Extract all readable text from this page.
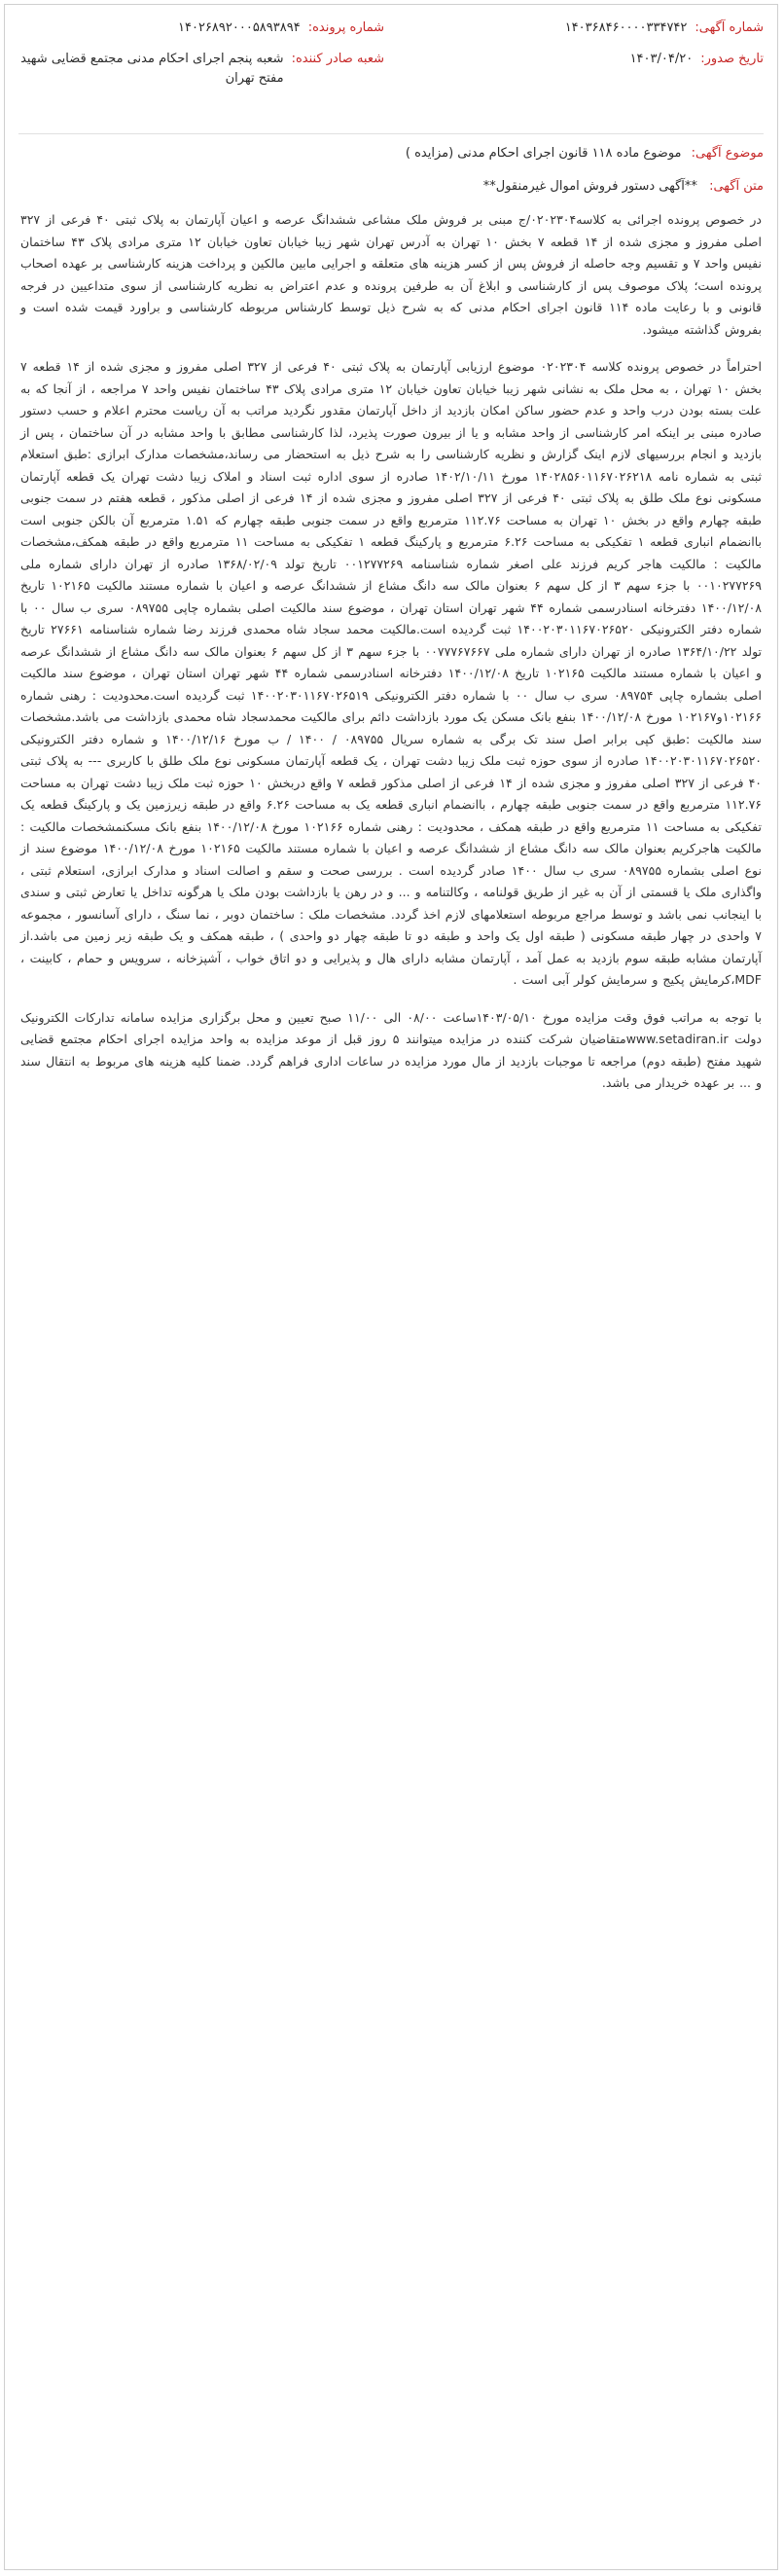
شماره آگهی:
۱۴۰۳۶۸۴۶۰۰۰۰۳۳۴۷۴۲
تاریخ صدور:
۱۴۰۳/۰۴/۲۰
شماره پرونده:
۱۴۰۲۶۸۹۲۰۰۰۵۸۹۳۸۹۴
شعبه صادر کننده:
شعبه پنجم اجرای احکام مدنی مجتمع قضایی شهید مفتح تهران
موضوع آگهی: موضوع ماده ۱۱۸ قانون اجرای احکام مدنی (مزایده )
متن آگهی: **آگهی دستور فروش اموال غیرمنقول**

در خصوص پرونده اجرائی به کلاسه۰۲۰۲۳۰۴/ج مبنی بر فروش ملک مشاعی ششدانگ عرصه و اعیان آپارتمان به پلاک ثبتی ۴۰ فرعی از ۳۲۷ اصلی مفروز و مجزی شده از ۱۴ قطعه ۷ بخش ۱۰ تهران به آدرس تهران شهر زیبا خیابان تعاون خیابان ۱۲ متری مرادی پلاک ۴۳ ساختمان نفیس واحد ۷ و تقسیم وجه حاصله از فروش پس از کسر هزینه های متعلقه و اجرایی مابین مالکین و پرداخت هزینه کارشناسی بر عهده اصحاب پرونده است؛ پلاک موصوف پس از کارشناسی و ابلاغ آن به طرفین پرونده و عدم اعتراض به نظریه کارشناسی از سوی متداعیین در فرجه قانونی و با رعایت ماده ۱۱۴ قانون اجرای احکام مدنی که به شرح ذیل توسط کارشناس مربوطه کارشناسی و براورد قیمت شده است و بفروش گذاشته میشود.

احتراماً در خصوص پرونده کلاسه ۰۲۰۲۳۰۴ موضوع ارزیابی آپارتمان به پلاک ثبتی ۴۰ فرعی از ۳۲۷ اصلی مفروز و مجزی شده از ۱۴ قطعه ۷ بخش ۱۰ تهران ، به محل ملک به نشانی شهر زیبا خیابان تعاون خیابان ۱۲ متری مرادی پلاک ۴۳ ساختمان نفیس واحد ۷ مراجعه ، از آنجا که به علت بسته بودن درب واحد و عدم حضور ساکن امکان بازدید از داخل آپارتمان مقدور نگردید مراتب به آن ریاست محترم اعلام و حسب دستور صادره مبنی بر اینکه امر کارشناسی از واحد مشابه و یا از بیرون صورت پذیرد، لذا کارشناسی مطابق با واحد مشابه در آن ساختمان ، پس از بازدید و انجام بررسیهای لازم اینک گزارش و نظریه کارشناسی را به شرح ذیل به استحضار می رساند،مشخصات مدارک ابرازی :طبق استعلام ثبتی به شماره نامه ۱۴۰۲۸۵۶۰۱۱۶۷۰۲۶۲۱۸ مورخ ۱۴۰۲/۱۰/۱۱ صادره از سوی اداره ثبت اسناد و املاک زیبا دشت تهران یک قطعه آپارتمان مسکونی نوع ملک طلق به پلاک ثبتی ۴۰ فرعی از ۳۲۷ اصلی مفروز و مجزی شده از ۱۴ فرعی از اصلی مذکور ، قطعه هفتم در سمت جنوبی طبقه چهارم واقع در بخش ۱۰ تهران به مساحت ۱۱۲.۷۶ مترمربع واقع در سمت جنوبی طبقه چهارم که ۱.۵۱ مترمربع آن بالکن جنوبی است باانضمام انباری قطعه ۱ تفکیکی به مساحت ۶.۲۶ مترمربع و پارکینگ قطعه ۱ تفکیکی به مساحت ۱۱ مترمربع واقع در طبقه همکف،مشخصات مالکیت : مالکیت هاجر کریم فرزند علی اصغر شماره شناسنامه ۰۰۱۲۷۷۲۶۹ تاریخ تولد ۱۳۶۸/۰۲/۰۹ صادره از تهران دارای شماره ملی ۰۰۱۰۲۷۷۲۶۹ با جزء سهم ۳ از کل سهم ۶ بعنوان مالک سه دانگ مشاع از ششدانگ عرصه و اعیان با شماره مستند مالکیت ۱۰۲۱۶۵ تاریخ ۱۴۰۰/۱۲/۰۸ دفترخانه اسنادرسمی شماره ۴۴ شهر تهران استان تهران ، موضوع سند مالکیت اصلی بشماره چاپی ۰۸۹۷۵۵ سری ب سال ۰۰ با شماره دفتر الکترونیکی ۱۴۰۰۲۰۳۰۱۱۶۷۰۲۶۵۲۰ ثبت گردیده است.مالکیت محمد سجاد شاه محمدی فرزند رضا شماره شناسنامه ۲۷۶۶۱ تاریخ تولد ۱۳۶۴/۱۰/۲۲ صادره از تهران دارای شماره ملی ۰۰۷۷۷۶۷۶۶۷ با جزء سهم ۳ از کل سهم ۶ بعنوان مالک سه دانگ مشاع از ششدانگ عرصه و اعیان با شماره مستند مالکیت ۱۰۲۱۶۵ تاریخ ۱۴۰۰/۱۲/۰۸ دفترخانه اسنادرسمی شماره ۴۴ شهر تهران استان تهران ، موضوع سند مالکیت اصلی بشماره چاپی ۰۸۹۷۵۴ سری ب سال ۰۰ با شماره دفتر الکترونیکی ۱۴۰۰۲۰۳۰۱۱۶۷۰۲۶۵۱۹ ثبت گردیده است.محدودیت : رهنی شماره ۱۰۲۱۶۶و۱۰۲۱۶۷ مورخ ۱۴۰۰/۱۲/۰۸ بنفع بانک مسکن یک مورد بازداشت دائم برای مالکیت محمدسجاد شاه محمدی بازداشت می باشد.مشخصات سند مالکیت :طبق کپی برابر اصل سند تک برگی به شماره سریال ۰۸۹۷۵۵ / ۱۴۰۰ / ب مورخ ۱۴۰۰/۱۲/۱۶ و شماره دفتر الکترونیکی ۱۴۰۰۲۰۳۰۱۱۶۷۰۲۶۵۲۰ صادره از سوی حوزه ثبت ملک زیبا دشت تهران ، یک قطعه آپارتمان مسکونی نوع ملک طلق با کاربری --- به پلاک ثبتی ۴۰ فرعی از ۳۲۷ اصلی مفروز و مجزی شده از ۱۴ فرعی از اصلی مذکور قطعه ۷ واقع دربخش ۱۰ حوزه ثبت ملک زیبا دشت تهران به مساحت ۱۱۲.۷۶ مترمربع واقع در سمت جنوبی طبقه چهارم ، باانضمام انباری قطعه یک به مساحت ۶.۲۶ واقع در طبقه زیرزمین یک و پارکینگ قطعه یک تفکیکی به مساحت ۱۱ مترمربع واقع در طبقه همکف ، محدودیت : رهنی شماره ۱۰۲۱۶۶ مورخ ۱۴۰۰/۱۲/۰۸ بنفع بانک مسکنمشخصات مالکیت : مالکیت هاجرکریم بعنوان مالک سه دانگ مشاع از ششدانگ عرصه و اعیان با شماره مستند مالکیت ۱۰۲۱۶۵ مورخ ۱۴۰۰/۱۲/۰۸ موضوع سند از نوع اصلی بشماره ۰۸۹۷۵۵ سری ب سال ۱۴۰۰ صادر گردیده است . بررسی صحت و سقم و اصالت اسناد و مدارک ابرازی، استعلام ثبتی ، واگذاری ملک یا قسمتی از آن به غیر از طریق قولنامه ، وکالتنامه و ... و در رهن یا بازداشت بودن ملک یا هرگونه تداخل یا تعارض ثبتی و سندی با اینجانب نمی باشد و توسط مراجع مربوطه استعلامهای لازم اخذ گردد. مشخصات ملک : ساختمان دوبر ، نما سنگ ، دارای آسانسور ، مجموعه ۷ واحدی در چهار طبقه مسکونی ( طبقه اول یک واحد و طبقه دو تا طبقه چهار دو واحدی ) ، طبقه همکف و یک طبقه زیر زمین می باشد.از آپارتمان مشابه طبقه سوم بازدید به عمل آمد ، آپارتمان مشابه دارای هال و پذیرایی و دو اتاق خواب ، آشپزخانه ، سرویس و حمام ، کابینت ، MDF،کرمایش پکیج و سرمایش کولر آبی است .

با توجه به مراتب فوق وقت مزایده مورخ ۱۴۰۳/۰۵/۱۰ساعت ۰۸/۰۰ الی ۱۱/۰۰ صبح تعیین و محل برگزاری مزایده سامانه تدارکات الکترونیک دولت www.setadiran.irمتقاضیان شرکت کننده در مزایده میتوانند ۵ روز قبل از موعد مزایده به واحد مزایده اجرای احکام مجتمع قضایی شهید مفتح (طبقه دوم) مراجعه تا موجبات بازدید از مال مورد مزایده در ساعات اداری فراهم گردد. ضمنا کلیه هزینه های مربوط به انتقال سند و ... بر عهده خریدار می باشد.
